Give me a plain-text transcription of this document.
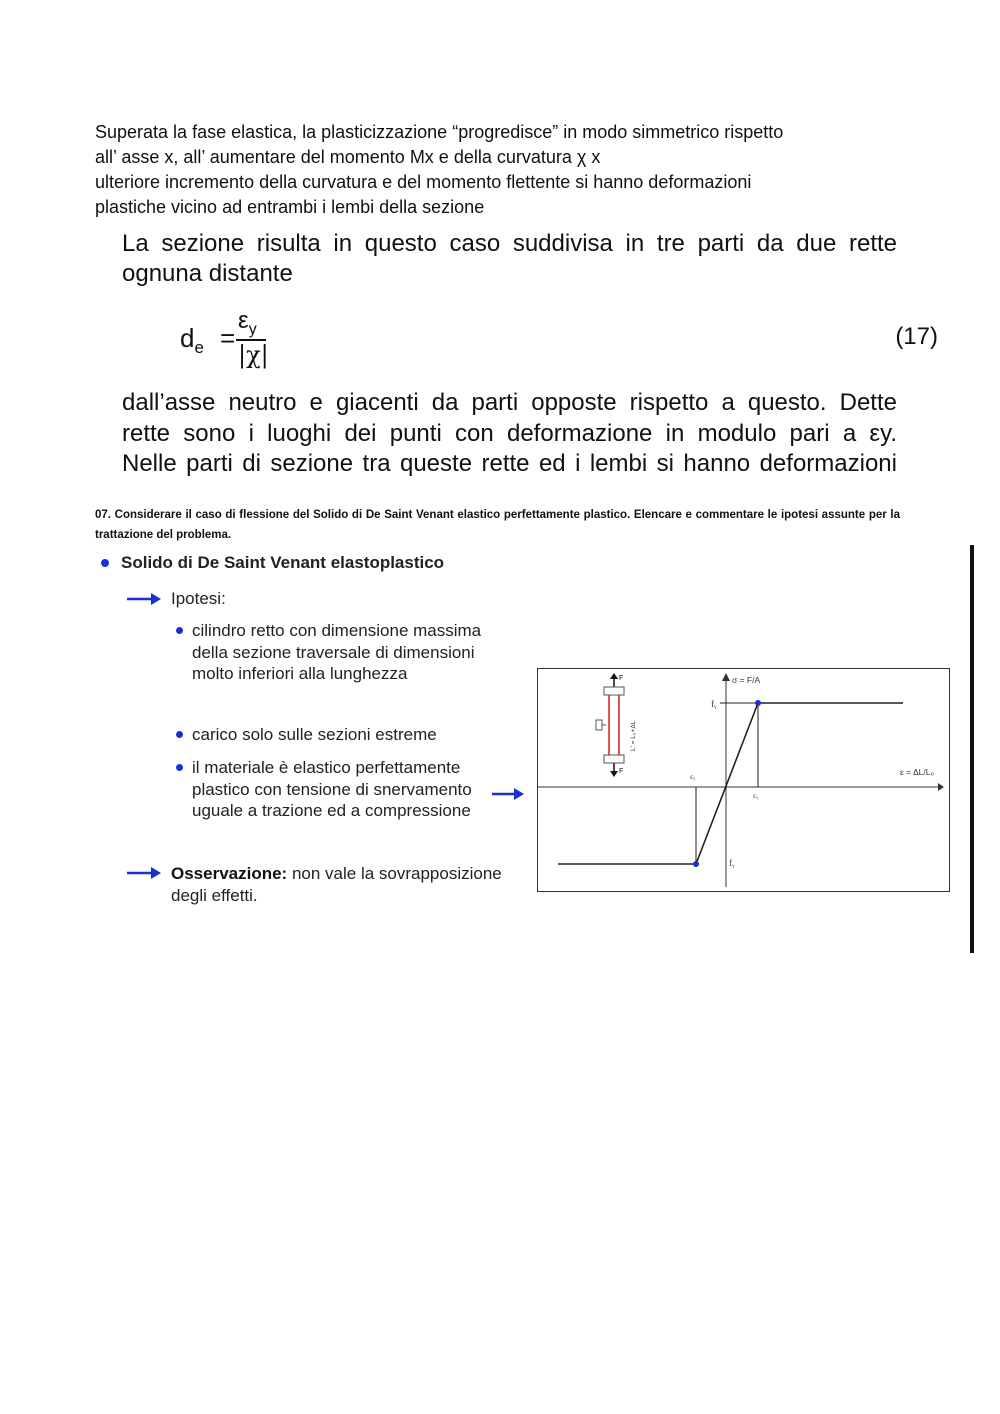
Superata la fase elastica, la plasticizzazione “progredisce” in modo simmetrico rispetto
all’ asse x, all’ aumentare del momento Mx e della curvatura χ x
ulteriore incremento della curvatura e del momento flettente si hanno deformazioni
plastiche vicino ad entrambi i lembi della sezione

La sezione risulta in questo caso suddivisa in tre parti da due rette

ognuna distante

$d_e$ =
$\varepsilon_y$
|χ|
(17)

dall’asse neutro e giacenti da parti opposte rispetto a questo. Dette

rette sono i luoghi dei punti con deformazione in modulo pari a εy.

Nelle parti di sezione tra queste rette ed i lembi si hanno deformazioni

07. Considerare il caso di flessione del Solido di De Saint Venant elastico perfettamente plastico. Elencare e commentare le ipotesi assunte per la trattazione del problema.

Solido di De Saint Venant elastoplastico

Ipotesi:

cilindro retto con dimensione massima della sezione traversale di dimensioni molto inferiori alla lunghezza

carico solo sulle sezioni estreme

il materiale è elastico perfettamente plastico con tensione di snervamento uguale a trazione ed a compressione

Osservazione: non vale la sovrapposizione degli effetti.

σ = F/A
ε = ΔL/L₀
fᵧ
fᵧ
εᵧ
εᵧ
F
F
L' = L₀+ΔL
